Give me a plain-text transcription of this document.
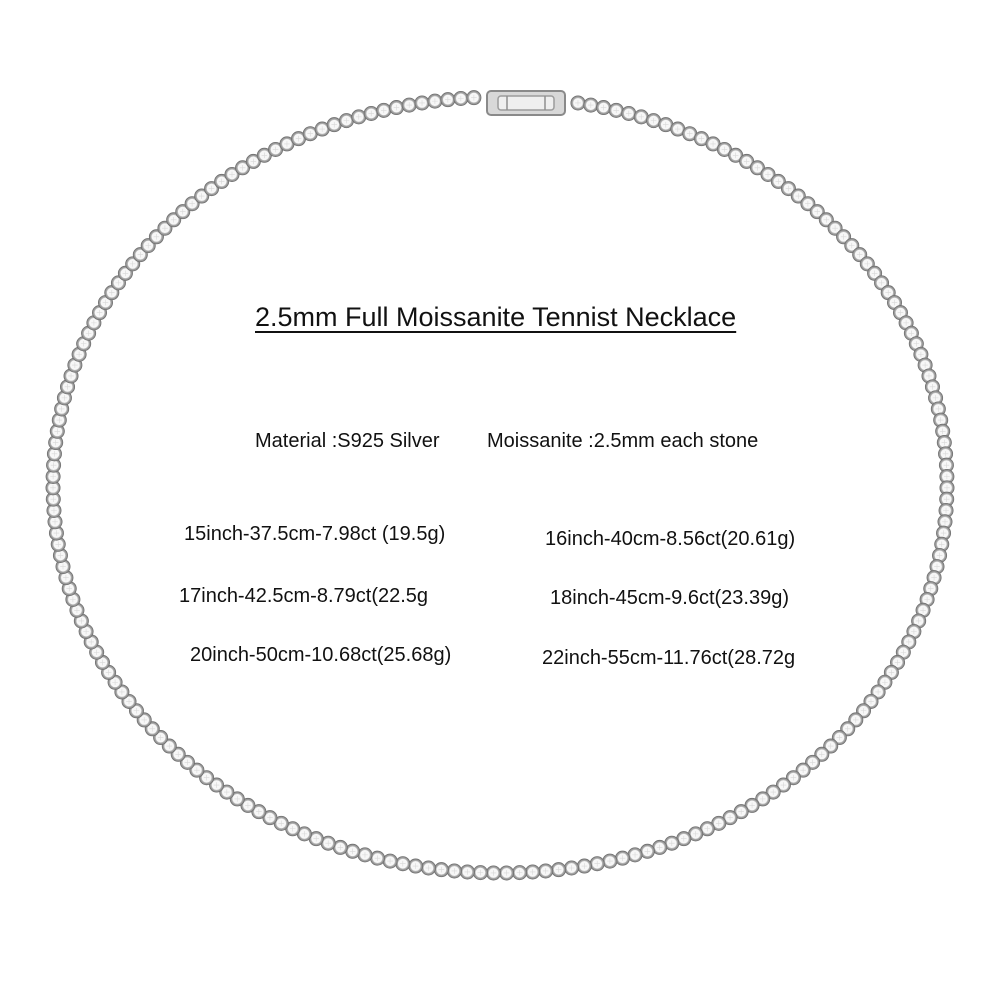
2.5mm Full Moissanite Tennist Necklace
Material :S925 Silver Moissanite :2.5mm each stone
15inch-37.5cm-7.98ct (19.5g)	16inch-40cm-8.56ct(20.61g)
17inch-42.5cm-8.79ct(22.5g	18inch-45cm-9.6ct(23.39g)
20inch-50cm-10.68ct(25.68g)	22inch-55cm-11.76ct(28.72g
